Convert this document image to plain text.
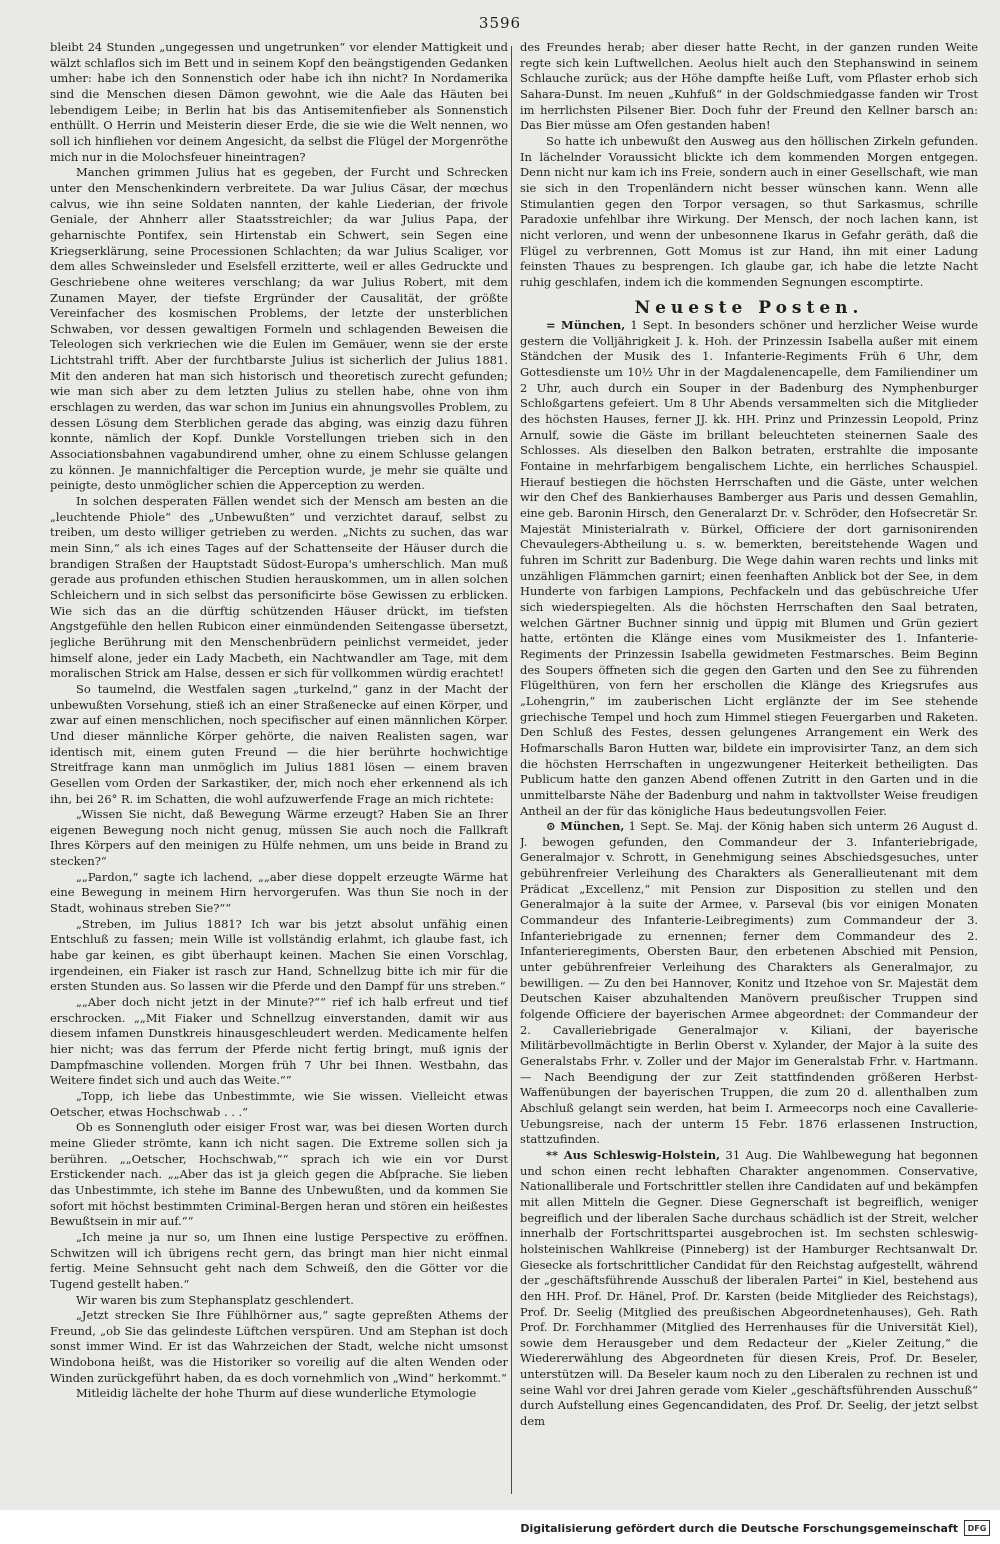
3596

bleibt 24 Stunden „ungegessen und ungetrunken“ vor elender Mattigkeit und wälzt schlaflos sich im Bett und in seinem Kopf den beängstigenden Gedanken umher: habe ich den Sonnenstich oder habe ich ihn nicht? In Nordamerika sind die Menschen diesen Dämon gewohnt, wie die Aale das Häuten bei lebendigem Leibe; in Berlin hat bis das Antisemitenfieber als Sonnenstich enthüllt. O Herrin und Meisterin dieser Erde, die sie wie die Welt nennen, wo soll ich hinfliehen vor deinem Angesicht, da selbst die Flügel der Morgenröthe mich nur in die Molochsfeuer hineintragen?

Manchen grimmen Julius hat es gegeben, der Furcht und Schrecken unter den Menschenkindern verbreitete. Da war Julius Cäsar, der mœchus calvus, wie ihn seine Soldaten nannten, der kahle Liederian, der frivole Geniale, der Ahnherr aller Staatsstreichler; da war Julius Papa, der geharnischte Pontifex, sein Hirtenstab ein Schwert, sein Segen eine Kriegserklärung, seine Processionen Schlachten; da war Julius Scaliger, vor dem alles Schweinsleder und Eselsfell erzitterte, weil er alles Gedruckte und Geschriebene ohne weiteres verschlang; da war Julius Robert, mit dem Zunamen Mayer, der tiefste Ergründer der Causalität, der größte Vereinfacher des kosmischen Problems, der letzte der unsterblichen Schwaben, vor dessen gewaltigen Formeln und schlagenden Beweisen die Teleologen sich verkriechen wie die Eulen im Gemäuer, wenn sie der erste Lichtstrahl trifft. Aber der furchtbarste Julius ist sicherlich der Julius 1881. Mit den anderen hat man sich historisch und theoretisch zurecht gefunden; wie man sich aber zu dem letzten Julius zu stellen habe, ohne von ihm erschlagen zu werden, das war schon im Junius ein ahnungsvolles Problem, zu dessen Lösung dem Sterblichen gerade das abging, was einzig dazu führen konnte, nämlich der Kopf. Dunkle Vorstellungen trieben sich in den Associationsbahnen vagabundirend umher, ohne zu einem Schlusse gelangen zu können. Je mannichfaltiger die Perception wurde, je mehr sie quälte und peinigte, desto unmöglicher schien die Apperception zu werden.

In solchen desperaten Fällen wendet sich der Mensch am besten an die „leuchtende Phiole“ des „Unbewußten“ und verzichtet darauf, selbst zu treiben, um desto williger getrieben zu werden. „Nichts zu suchen, das war mein Sinn,“ als ich eines Tages auf der Schattenseite der Häuser durch die brandigen Straßen der Hauptstadt Südost-Europa's umherschlich. Man muß gerade aus profunden ethischen Studien herauskommen, um in allen solchen Schleichern und in sich selbst das personificirte böse Gewissen zu erblicken. Wie sich das an die dürftig schützenden Häuser drückt, im tiefsten Angstgefühle den hellen Rubicon einer einmündenden Seitengasse übersetzt, jegliche Berührung mit den Menschenbrüdern peinlichst vermeidet, jeder himself alone, jeder ein Lady Macbeth, ein Nachtwandler am Tage, mit dem moralischen Strick am Halse, dessen er sich für vollkommen würdig erachtet!

So taumelnd, die Westfalen sagen „turkelnd,“ ganz in der Macht der unbewußten Vorsehung, stieß ich an einer Straßenecke auf einen Körper, und zwar auf einen menschlichen, noch specifischer auf einen männlichen Körper. Und dieser männliche Körper gehörte, die naiven Realisten sagen, war identisch mit, einem guten Freund — die hier berührte hochwichtige Streitfrage kann man unmöglich im Julius 1881 lösen — einem braven Gesellen vom Orden der Sarkastiker, der, mich noch eher erkennend als ich ihn, bei 26° R. im Schatten, die wohl aufzuwerfende Frage an mich richtete:

„Wissen Sie nicht, daß Bewegung Wärme erzeugt? Haben Sie an Ihrer eigenen Bewegung noch nicht genug, müssen Sie auch noch die Fallkraft Ihres Körpers auf den meinigen zu Hülfe nehmen, um uns beide in Brand zu stecken?“

„„Pardon,“ sagte ich lachend, „„aber diese doppelt erzeugte Wärme hat eine Bewegung in meinem Hirn hervorgerufen. Was thun Sie noch in der Stadt, wohinaus streben Sie?““

„Streben, im Julius 1881? Ich war bis jetzt absolut unfähig einen Entschluß zu fassen; mein Wille ist vollständig erlahmt, ich glaube fast, ich habe gar keinen, es gibt überhaupt keinen. Machen Sie einen Vorschlag, irgendeinen, ein Fiaker ist rasch zur Hand, Schnellzug bitte ich mir für die ersten Stunden aus. So lassen wir die Pferde und den Dampf für uns streben.“

„„Aber doch nicht jetzt in der Minute?““ rief ich halb erfreut und tief erschrocken. „„Mit Fiaker und Schnellzug einverstanden, damit wir aus diesem infamen Dunstkreis hinausgeschleudert werden. Medicamente helfen hier nicht; was das ferrum der Pferde nicht fertig bringt, muß ignis der Dampfmaschine vollenden. Morgen früh 7 Uhr bei Ihnen. Westbahn, das Weitere findet sich und auch das Weite.““

„Topp, ich liebe das Unbestimmte, wie Sie wissen. Vielleicht etwas Oetscher, etwas Hochschwab . . .“

Ob es Sonnengluth oder eisiger Frost war, was bei diesen Worten durch meine Glieder strömte, kann ich nicht sagen. Die Extreme sollen sich ja berühren. „„Oetscher, Hochschwab,““ sprach ich wie ein vor Durst Erstickender nach. „„Aber das ist ja gleich gegen die Abſprache. Sie lieben das Unbestimmte, ich stehe im Banne des Unbewußten, und da kommen Sie sofort mit höchst bestimmten Criminal-Bergen heran und stören ein heißestes Bewußtsein in mir auf.““

„Ich meine ja nur so, um Ihnen eine lustige Perspective zu eröffnen. Schwitzen will ich übrigens recht gern, das bringt man hier nicht einmal fertig. Meine Sehnsucht geht nach dem Schweiß, den die Götter vor die Tugend gestellt haben.“

Wir waren bis zum Stephansplatz geschlendert.

„Jetzt strecken Sie Ihre Fühlhörner aus,“ sagte gepreßten Athems der Freund, „ob Sie das gelindeste Lüftchen verspüren. Und am Stephan ist doch sonst immer Wind. Er ist das Wahrzeichen der Stadt, welche nicht umsonst Windobona heißt, was die Historiker so voreilig auf die alten Wenden oder Winden zurückgeführt haben, da es doch vornehmlich von „Wind“ herkommt.“

Mitleidig lächelte der hohe Thurm auf diese wunderliche Etymologie

des Freundes herab; aber dieser hatte Recht, in der ganzen runden Weite regte sich kein Luftwellchen. Aeolus hielt auch den Stephanswind in seinem Schlauche zurück; aus der Höhe dampfte heiße Luft, vom Pflaster erhob sich Sahara-Dunst. Im neuen „Kuhfuß“ in der Goldschmiedgasse fanden wir Trost im herrlichsten Pilsener Bier. Doch fuhr der Freund den Kellner barsch an: Das Bier müsse am Ofen gestanden haben!

So hatte ich unbewußt den Ausweg aus den höllischen Zirkeln gefunden. In lächelnder Voraussicht blickte ich dem kommenden Morgen entgegen. Denn nicht nur kam ich ins Freie, sondern auch in einer Gesellschaft, wie man sie sich in den Tropenländern nicht besser wünschen kann. Wenn alle Stimulantien gegen den Torpor versagen, so thut Sarkasmus, schrille Paradoxie unfehlbar ihre Wirkung. Der Mensch, der noch lachen kann, ist nicht verloren, und wenn der unbesonnene Ikarus in Gefahr geräth, daß die Flügel zu verbrennen, Gott Momus ist zur Hand, ihn mit einer Ladung feinsten Thaues zu besprengen. Ich glaube gar, ich habe die letzte Nacht ruhig geschlafen, indem ich die kommenden Segnungen escomptirte.

Neueste Posten.

= München, 1 Sept. In besonders schöner und herzlicher Weise wurde gestern die Volljährigkeit J. k. Hoh. der Prinzessin Isabella außer mit einem Ständchen der Musik des 1. Infanterie-Regiments Früh 6 Uhr, dem Gottesdienste um 10½ Uhr in der Magdalenencapelle, dem Familiendiner um 2 Uhr, auch durch ein Souper in der Badenburg des Nymphenburger Schloßgartens gefeiert. Um 8 Uhr Abends versammelten sich die Mitglieder des höchsten Hauses, ferner JJ. kk. HH. Prinz und Prinzessin Leopold, Prinz Arnulf, sowie die Gäste im brillant beleuchteten steinernen Saale des Schlosses. Als dieselben den Balkon betraten, erstrahlte die imposante Fontaine in mehrfarbigem bengalischem Lichte, ein herrliches Schauspiel. Hierauf bestiegen die höchsten Herrschaften und die Gäste, unter welchen wir den Chef des Bankierhauses Bamberger aus Paris und dessen Gemahlin, eine geb. Baronin Hirsch, den Generalarzt Dr. v. Schröder, den Hofsecretär Sr. Majestät Ministerialrath v. Bürkel, Officiere der dort garnisonirenden Chevaulegers-Abtheilung u. s. w. bemerkten, bereitstehende Wagen und fuhren im Schritt zur Badenburg. Die Wege dahin waren rechts und links mit unzähligen Flämmchen garnirt; einen feenhaften Anblick bot der See, in dem Hunderte von farbigen Lampions, Pechfackeln und das gebüschreiche Ufer sich wiederspiegelten. Als die höchsten Herrschaften den Saal betraten, welchen Gärtner Buchner sinnig und üppig mit Blumen und Grün geziert hatte, ertönten die Klänge eines vom Musikmeister des 1. Infanterie-Regiments der Prinzessin Isabella gewidmeten Festmarsches. Beim Beginn des Soupers öffneten sich die gegen den Garten und den See zu führenden Flügelthüren, von fern her erschollen die Klänge des Kriegsrufes aus „Lohengrin,“ im zauberischen Licht erglänzte der im See stehende griechische Tempel und hoch zum Himmel stiegen Feuergarben und Raketen. Den Schluß des Festes, dessen gelungenes Arrangement ein Werk des Hofmarschalls Baron Hutten war, bildete ein improvisirter Tanz, an dem sich die höchsten Herrschaften in ungezwungener Heiterkeit betheiligten. Das Publicum hatte den ganzen Abend offenen Zutritt in den Garten und in die unmittelbarste Nähe der Badenburg und nahm in taktvollster Weise freudigen Antheil an der für das königliche Haus bedeutungsvollen Feier.

⊙ München, 1 Sept. Se. Maj. der König haben sich unterm 26 August d. J. bewogen gefunden, den Commandeur der 3. Infanteriebrigade, Generalmajor v. Schrott, in Genehmigung seines Abschiedsgesuches, unter gebührenfreier Verleihung des Charakters als Generallieutenant mit dem Prädicat „Excellenz,“ mit Pension zur Disposition zu stellen und den Generalmajor à la suite der Armee, v. Parseval (bis vor einigen Monaten Commandeur des Infanterie-Leibregiments) zum Commandeur der 3. Infanteriebrigade zu ernennen; ferner dem Commandeur des 2. Infanterieregiments, Obersten Baur, den erbetenen Abschied mit Pension, unter gebührenfreier Verleihung des Charakters als Generalmajor, zu bewilligen. — Zu den bei Hannover, Konitz und Itzehoe von Sr. Majestät dem Deutschen Kaiser abzuhaltenden Manövern preußischer Truppen sind folgende Officiere der bayerischen Armee abgeordnet: der Commandeur der 2. Cavalleriebrigade Generalmajor v. Kiliani, der bayerische Militärbevollmächtigte in Berlin Oberst v. Xylander, der Major à la suite des Generalstabs Frhr. v. Zoller und der Major im Generalstab Frhr. v. Hartmann. — Nach Beendigung der zur Zeit stattfindenden größeren Herbst-Waffenübungen der bayerischen Truppen, die zum 20 d. allenthalben zum Abschluß gelangt sein werden, hat beim I. Armeecorps noch eine Cavallerie-Uebungsreise, nach der unterm 15 Febr. 1876 erlassenen Instruction, stattzufinden.

** Aus Schleswig-Holstein, 31 Aug. Die Wahlbewegung hat begonnen und schon einen recht lebhaften Charakter angenommen. Conservative, Nationalliberale und Fortschrittler stellen ihre Candidaten auf und bekämpfen mit allen Mitteln die Gegner. Diese Gegnerschaft ist begreiflich, weniger begreiflich und der liberalen Sache durchaus schädlich ist der Streit, welcher innerhalb der Fortschrittspartei ausgebrochen ist. Im sechsten schleswig-holsteinischen Wahlkreise (Pinneberg) ist der Hamburger Rechtsanwalt Dr. Giesecke als fortschrittlicher Candidat für den Reichstag aufgestellt, während der „geschäftsführende Ausschuß der liberalen Partei“ in Kiel, bestehend aus den HH. Prof. Dr. Hänel, Prof. Dr. Karsten (beide Mitglieder des Reichstags), Prof. Dr. Seelig (Mitglied des preußischen Abgeordnetenhauses), Geh. Rath Prof. Dr. Forchhammer (Mitglied des Herrenhauses für die Universität Kiel), sowie dem Herausgeber und dem Redacteur der „Kieler Zeitung,“ die Wiedererwählung des Abgeordneten für diesen Kreis, Prof. Dr. Beseler, unterstützen will. Da Beseler kaum noch zu den Liberalen zu rechnen ist und seine Wahl vor drei Jahren gerade vom Kieler „geschäftsführenden Ausschuß“ durch Aufstellung eines Gegencandidaten, des Prof. Dr. Seelig, der jetzt selbst dem

Digitalisierung gefördert durch die Deutsche Forschungsgemeinschaft	DFG
